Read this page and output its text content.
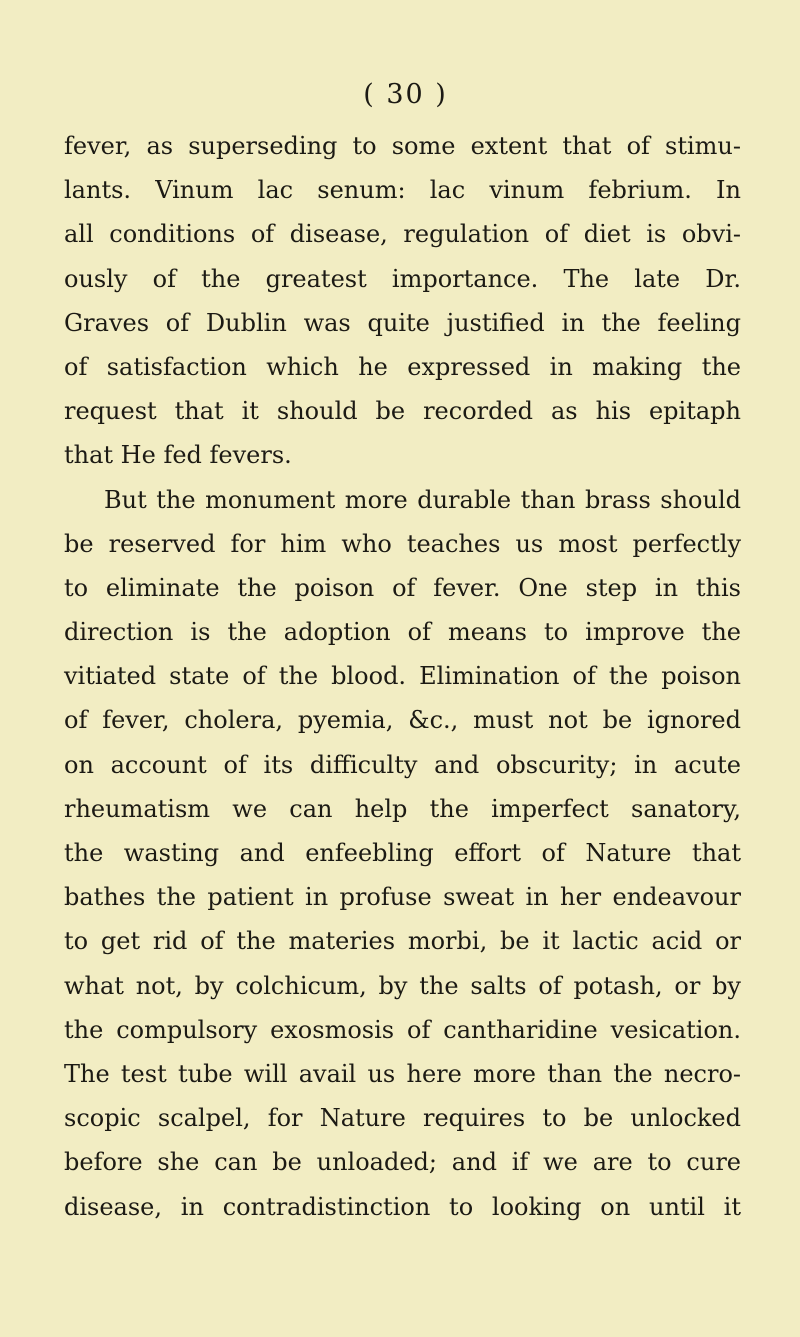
( 30 )
fever, as superseding to some extent that of stimu-
lants. Vinum lac senum: lac vinum febrium. In
all conditions of disease, regulation of diet is obvi-
ously of the greatest importance. The late Dr.
Graves of Dublin was quite justified in the feeling
of satisfaction which he expressed in making the
request that it should be recorded as his epitaph
that He fed fevers.
But the monument more durable than brass should
be reserved for him who teaches us most perfectly
to eliminate the poison of fever. One step in this
direction is the adoption of means to improve the
vitiated state of the blood. Elimination of the poison
of fever, cholera, pyemia, &c., must not be ignored
on account of its difficulty and obscurity; in acute
rheumatism we can help the imperfect sanatory,
the wasting and enfeebling effort of Nature that
bathes the patient in profuse sweat in her endeavour
to get rid of the materies morbi, be it lactic acid or
what not, by colchicum, by the salts of potash, or by
the compulsory exosmosis of cantharidine vesication.
The test tube will avail us here more than the necro-
scopic scalpel, for Nature requires to be unlocked
before she can be unloaded; and if we are to cure
disease, in contradistinction to looking on until it
